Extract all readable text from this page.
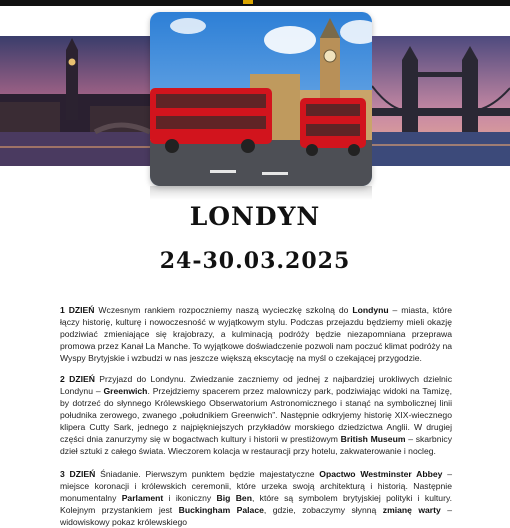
LONDYN
24-30.03.2025

1 DZIEŃ Wczesnym rankiem rozpoczniemy naszą wycieczkę szkolną do Londynu – miasta, które łączy historię, kulturę i nowoczesność w wyjątkowym stylu. Podczas przejazdu będziemy mieli okazję podziwiać zmieniające się krajobrazy, a kulminacją podróży będzie niezapomniana przeprawa promowa przez Kanał La Manche. To wyjątkowe doświadczenie pozwoli nam poczuć klimat podróży na Wyspy Brytyjskie i wzbudzi w nas jeszcze większą ekscytację na myśl o czekającej przygodzie.

2 DZIEŃ Przyjazd do Londynu. Zwiedzanie zaczniemy od jednej z najbardziej urokliwych dzielnic Londynu – Greenwich. Przejdziemy spacerem przez malowniczy park, podziwiając widoki na Tamizę, by dotrzeć do słynnego Królewskiego Obserwatorium Astronomicznego i stanąć na symbolicznej linii południka zerowego, zwanego „południkiem Greenwich”. Następnie odkryjemy historię XIX-wiecznego klipera Cutty Sark, jednego z najpiękniejszych przykładów morskiego dziedzictwa Anglii. W drugiej części dnia zanurzymy się w bogactwach kultury i historii w prestiżowym British Museum – skarbnicy dzieł sztuki z całego świata. Wieczorem kolacja w restauracji przy hotelu, zakwaterowanie i nocleg.

3 DZIEŃ Śniadanie. Pierwszym punktem będzie majestatyczne Opactwo Westminster Abbey – miejsce koronacji i królewskich ceremonii, które urzeka swoją architekturą i historią. Następnie monumentalny Parlament i ikoniczny Big Ben, które są symbolem brytyjskiej polityki i kultury. Kolejnym przystankiem jest Buckingham Palace, gdzie, zobaczymy słynną zmianę warty – widowiskowy pokaz królewskiego
